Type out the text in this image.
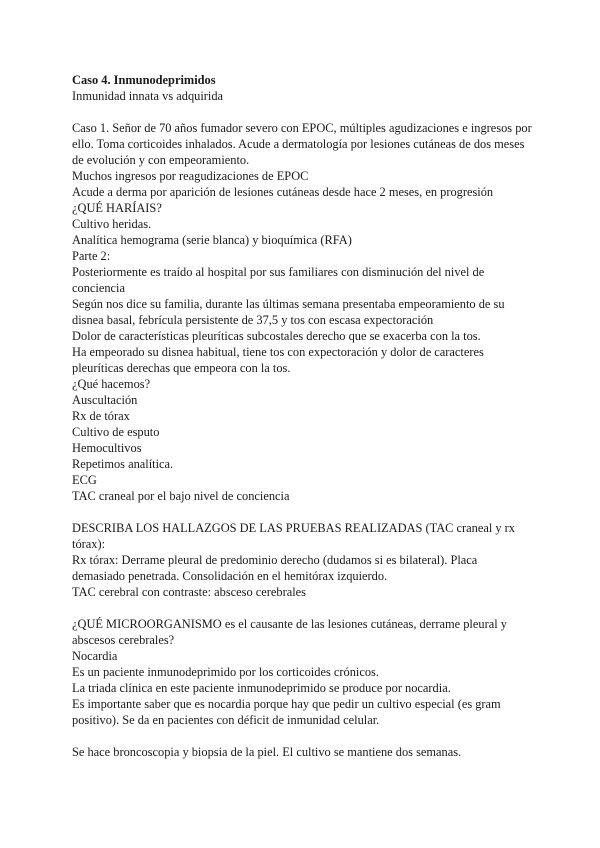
Caso 4. Inmunodeprimidos

Inmunidad innata vs adquirida

Caso 1. Señor de 70 años fumador severo con EPOC, múltiples agudizaciones e ingresos por ello. Toma corticoides inhalados. Acude a dermatología por lesiones cutáneas de dos meses de evolución y con empeoramiento.

Muchos ingresos por reagudizaciones de EPOC

Acude a derma por aparición de lesiones cutáneas desde hace 2 meses, en progresión

¿QUÉ HARÍAIS?

Cultivo heridas.

Analítica hemograma (serie blanca) y bioquímica (RFA)

Parte 2:

Posteriormente es traído al hospital por sus familiares con disminución del nivel de conciencia

Según nos dice su familia, durante las últimas semana presentaba empeoramiento de su disnea basal, febrícula persistente de 37,5 y tos con escasa expectoración

Dolor de características pleuríticas subcostales derecho que se exacerba con la tos.

Ha empeorado su disnea habitual, tiene tos con expectoración y dolor de caracteres pleuríticas derechas que empeora con la tos.

¿Qué hacemos?

Auscultación

Rx de tórax

Cultivo de esputo

Hemocultivos

Repetimos analítica.

ECG

TAC craneal por el bajo nivel de conciencia

DESCRIBA LOS HALLAZGOS DE LAS PRUEBAS REALIZADAS (TAC craneal y rx tórax):

Rx tórax: Derrame pleural de predominio derecho (dudamos si es bilateral). Placa demasiado penetrada. Consolidación en el hemitórax izquierdo.

TAC cerebral con contraste: absceso cerebrales

¿QUÉ MICROORGANISMO es el causante de las lesiones cutáneas, derrame pleural y abscesos cerebrales?

Nocardia

Es un paciente inmunodeprimido por los corticoides crónicos.

La triada clínica en este paciente inmunodeprimido se produce por nocardia.

Es importante saber que es nocardia porque hay que pedir un cultivo especial (es gram positivo). Se da en pacientes con déficit de inmunidad celular.

Se hace broncoscopia y biopsia de la piel. El cultivo se mantiene dos semanas.
